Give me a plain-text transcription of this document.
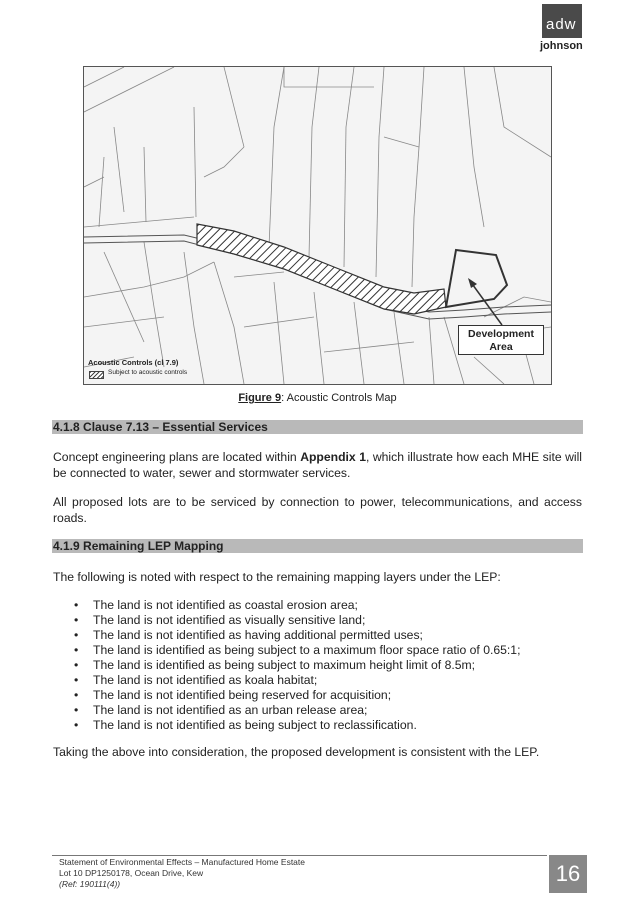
adw
johnson
Development
Area
Acoustic Controls (cl 7.9)
Subject to acoustic controls
Figure 9: Acoustic Controls Map
4.1.8 Clause 7.13 – Essential Services
Concept engineering plans are located within Appendix 1, which illustrate how each MHE site will be connected to water, sewer and stormwater services.
All proposed lots are to be serviced by connection to power, telecommunications, and access roads.
4.1.9 Remaining LEP Mapping
The following is noted with respect to the remaining mapping layers under the LEP:
• The land is not identified as coastal erosion area;
• The land is not identified as visually sensitive land;
• The land is not identified as having additional permitted uses;
• The land is identified as being subject to a maximum floor space ratio of 0.65:1;
• The land is identified as being subject to maximum height limit of 8.5m;
• The land is not identified as koala habitat;
• The land is not identified being reserved for acquisition;
• The land is not identified as an urban release area;
• The land is not identified as being subject to reclassification.
Taking the above into consideration, the proposed development is consistent with the LEP.
Statement of Environmental Effects – Manufactured Home Estate
Lot 10 DP1250178, Ocean Drive, Kew
(Ref: 190111(4))	16
